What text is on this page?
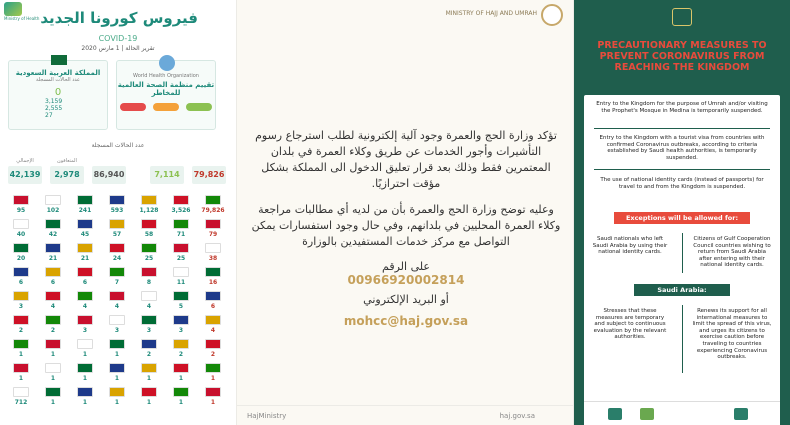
Ministry of Health فيروس كورونا الجديد
COVID-19
تقرير الحالة | 1 مارس 2020
المملكة العربية السعودية
عدد الحالات المسجلة
0
3,159
2,555
27
World Health Organization
تقييم منظمة الصحة العالمية للمخاطر
عدد الحالات المسجلة
الإجمالي
42,139
المتعافون
2,978	86,940	7,114	79,826
95	102	241	593	1,128	3,526	79,826
40	42	45	57	58	71	79
20	21	21	24	25	25	38
6	6	6	7	8	11	16
3	4	4	4	4	5	6
2	2	3	3	3	3	4
1	1	1	1	2	2	2
1	1	1	1	1	1	1
712	1	1	1	1	1	1
MINISTRY OF HAJJ AND UMRAH
تؤكد وزارة الحج والعمرة وجود آلية إلكترونية لطلب استرجاع رسوم التأشيرات وأجور الخدمات عن طريق وكلاء العمرة في بلدان المعتمرين فقط وذلك بعد قرار تعليق الدخول الى المملكة بشكل مؤقت احترازيًا.
وعليه توضح وزارة الحج والعمرة بأن من لديه أي مطالبات مراجعة وكلاء العمرة المحليين في بلدانهم، وفي حال وجود استفسارات يمكن التواصل مع مركز خدمات المستفيدين بالوزارة
على الرقم
00966920002814
أو البريد الإلكتروني
mohcc@haj.gov.sa
HajMinistry	haj.gov.sa
PRECAUTIONARY MEASURES TO PREVENT CORONAVIRUS FROM REACHING THE KINGDOM
Entry to the Kingdom for the purpose of Umrah and/or visiting the Prophet's Mosque in Medina is temporarily suspended.
Entry to the Kingdom with a tourist visa from countries with confirmed Coronavirus outbreaks, according to criteria established by Saudi health authorities, is temporarily suspended.
The use of national identity cards (instead of passports) for travel to and from the Kingdom is suspended.
Exceptions will be allowed for:
Saudi nationals who left Saudi Arabia by using their national identity cards.
Citizens of Gulf Cooperation Council countries wishing to return from Saudi Arabia after entering with their national identity cards.
Saudi Arabia:
Stresses that these measures are temporary and subject to continuous evaluation by the relevant authorities.
Renews its support for all international measures to limit the spread of this virus, and urges its citizens to exercise caution before traveling to countries experiencing Coronavirus outbreaks.
